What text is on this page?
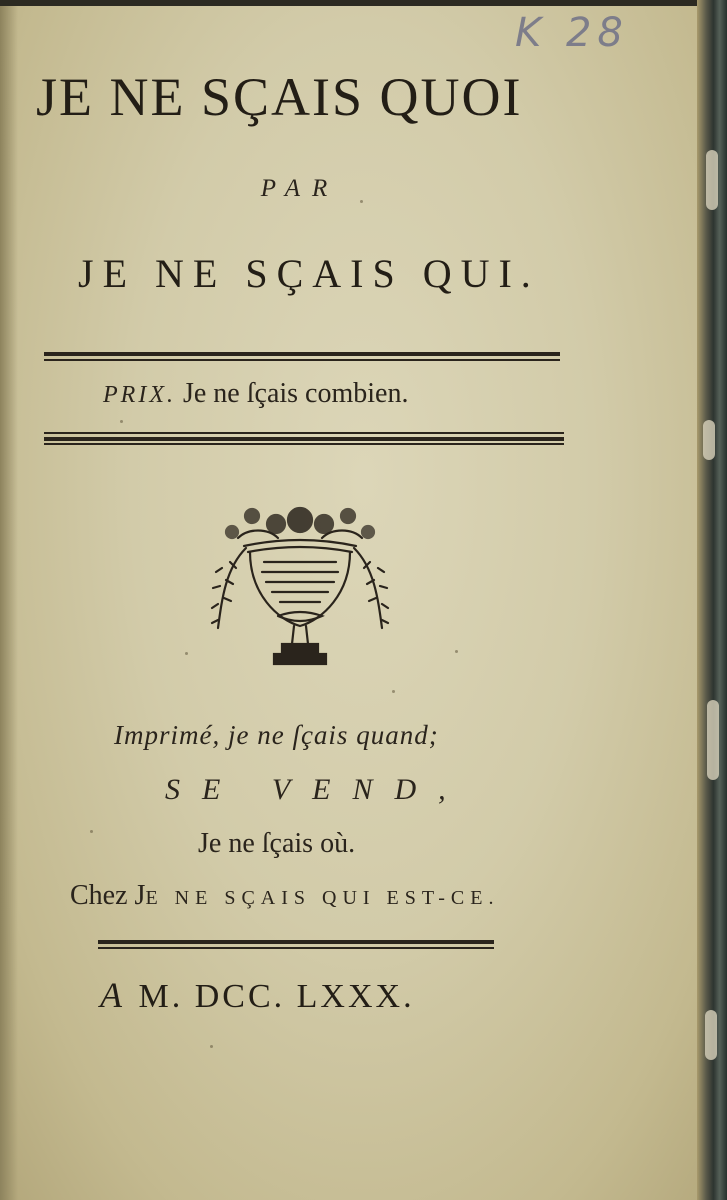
K 28
JE NE SÇAIS QUOI
PAR
JE NE SÇAIS QUI.
PRIX. Je ne ſçais combien.
Imprimé, je ne ſçais quand;
SE VEND,
Je ne ſçais où.
Chez JE NE SÇAIS QUI EST-CE.
A M. DCC. LXXX.
